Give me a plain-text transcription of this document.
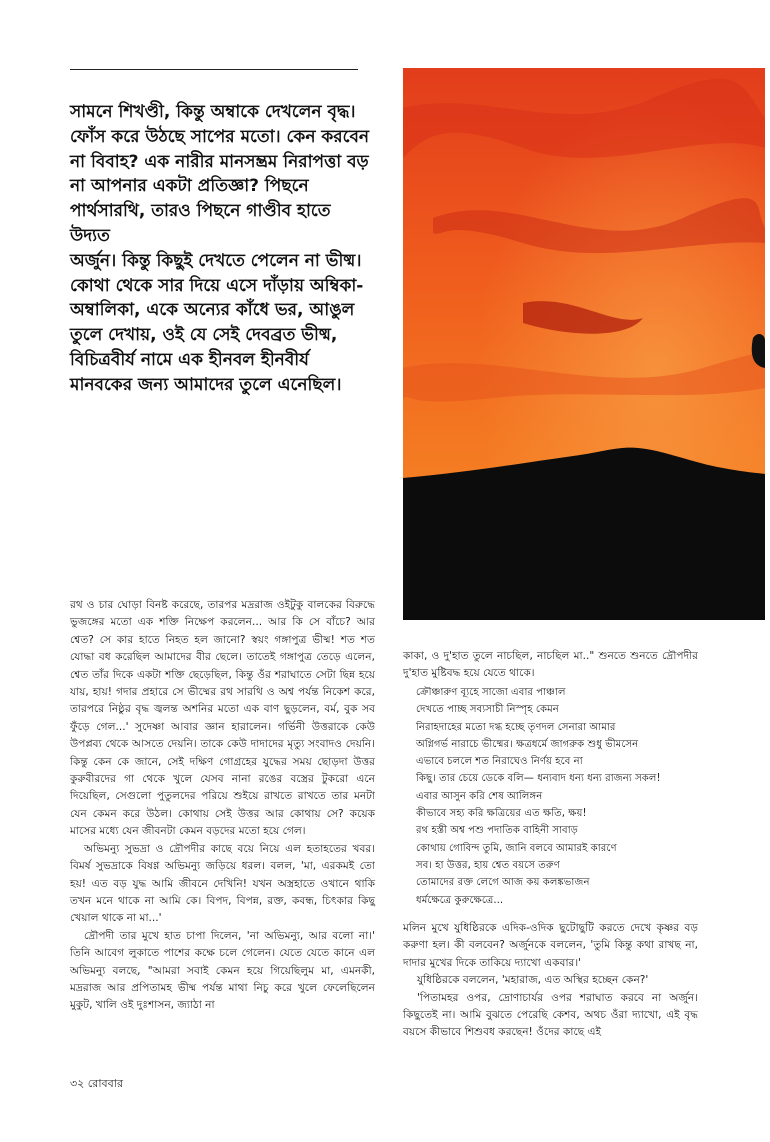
সামনে শিখণ্ডী, কিন্তু অম্বাকে দেখলেন বৃদ্ধ।

ফোঁস করে উঠছে সাপের মতো। কেন করবেন

না বিবাহ? এক নারীর মানসম্ভ্রম নিরাপত্তা বড়

না আপনার একটা প্রতিজ্ঞা? পিছনে

পার্থসারথি, তারও পিছনে গাণ্ডীব হাতে উদ্যত

অর্জুন। কিন্তু কিছুই দেখতে পেলেন না ভীষ্ম।

কোথা থেকে সার দিয়ে এসে দাঁড়ায় অম্বিকা-

অম্বালিকা, একে অন্যের কাঁধে ভর, আঙুল

তুলে দেখায়, ওই যে সেই দেবব্রত ভীষ্ম,

বিচিত্রবীর্য নামে এক হীনবল হীনবীর্য

মানবকের জন্য আমাদের তুলে এনেছিল।

রথ ও চার ঘোড়া বিনষ্ট করেছে, তারপর মদ্ররাজ ওইটুকু বালকের বিরুদ্ধে ভুজঙ্গের মতো এক শক্তি নিক্ষেপ করলেন... আর কি সে বাঁচে? আর শ্বেত? সে কার হাতে নিহত হল জানো? স্বয়ং গঙ্গাপুত্র ভীষ্ম! শত শত যোদ্ধা বধ করেছিল আমাদের বীর ছেলে। তাতেই গঙ্গাপুত্র তেড়ে এলেন, শ্বেত তাঁর দিকে একটা শক্তি ছেড়েছিল, কিন্তু ওঁর শরাঘাতে সেটা ছিন্ন হয়ে যায়, হায়! গদার প্রহারে সে ভীষ্মের রথ সারথি ও অশ্ব পর্যন্ত নিকেশ করে, তারপরে নিষ্ঠুর বৃদ্ধ জ্বলন্ত অশনির মতো এক বাণ ছুড়লেন, বর্ম, বুক সব ফুঁড়ে গেল...' সুদেষ্ণা আবার জ্ঞান হারালেন। গর্ভিনী উত্তরাকে কেউ উপপ্লব্য থেকে আসতে দেয়নি। তাকে কেউ দাদাদের মৃত্যু সংবাদও দেয়নি। কিন্তু কেন কে জানে, সেই দক্ষিণ গোগ্রহের যুদ্ধের সময় ছোড়দা উত্তর কুরুবীরদের গা থেকে খুলে যেসব নানা রঙের বস্ত্রের টুকরো এনে দিয়েছিল, সেগুলো পুতুলদের পরিয়ে শুইয়ে রাখতে রাখতে তার মনটা যেন কেমন করে উঠল। কোথায় সেই উত্তর আর কোথায় সে? কয়েক মাসের মধ্যে যেন জীবনটা কেমন বড়দের মতো হয়ে গেল।

অভিমন্যু সুভদ্রা ও দ্রৌপদীর কাছে বয়ে নিয়ে এল হতাহতের খবর। বিমর্ষ সুভদ্রাকে বিষণ্ণ অভিমন্যু জড়িয়ে ধরল। বলল, 'মা, এরকমই তো হয়! এত বড় যুদ্ধ আমি জীবনে দেখিনি! যখন অস্ত্রহাতে ওখানে থাকি তখন মনে থাকে না আমি কে। বিপদ, বিপন্ন, রক্ত, কবন্ধ, চিৎকার কিছু খেয়াল থাকে না মা...'

দ্রৌপদী তার মুখে হাত চাপা দিলেন, 'না অভিমন্যু, আর বলো না।' তিনি আবেগ লুকাতে পাশের কক্ষে চলে গেলেন। যেতে যেতে কানে এল অভিমন্যু বলছে, "আমরা সবাই কেমন হয়ে গিয়েছিলুম মা, এমনকী, মদ্ররাজ আর প্রপিতামহ ভীষ্ম পর্যন্ত মাথা নিচু করে খুলে ফেলেছিলেন মুকুট, খালি ওই দুঃশাসন, জ্যাঠা না

কাকা, ও দু'হাত তুলে নাচছিল, নাচছিল মা.." শুনতে শুনতে দ্রৌপদীর দু'হাত মুষ্টিবদ্ধ হয়ে যেতে থাকে।

ক্রৌঞ্চারুণ ব্যূহে সাজো এবার পাঞ্চাল
দেখতে পাচ্ছ সব্যসাচী নিস্পৃহ কেমন
নিরাহদাহের মতো দগ্ধ হচ্ছে তৃণদল সেনারা আমার
অগ্নিগর্ভ নারাচে ভীষ্মের। ক্ষত্রধর্মে জাগরুক শুধু ভীমসেন
এভাবে চললে শত নিরাঘেও নির্ণয় হবে না
কিছু। তার চেয়ে ডেকে বলি— ধন্যবাদ ধন্য ধন্য রাজন্য সকল!
এবার আসুন করি শেষ আলিঙ্গন
কীভাবে সহ্য করি ক্ষত্রিয়ের এত ক্ষতি, ক্ষয়!
রথ হস্তী অশ্ব পশু পদাতিক বাহিনী সাবাড়
কোথায় গোবিন্দ তুমি, জানি বলবে আমারই কারণে
সব। হা উত্তর, হায় শ্বেত বয়সে তরুণ
তোমাদের রক্ত লেগে আজ কয় কলঙ্কভাজন
ধর্মক্ষেত্রে কুরুক্ষেত্রে...

মলিন মুখে যুধিষ্ঠিরকে এদিক-ওদিক ছুটোছুটি করতে দেখে কৃষ্ণর বড় করুণা হল। কী বলবেন? অর্জুনকে বললেন, 'তুমি কিন্তু কথা রাখছ না, দাদার মুখের দিকে তাকিয়ে দ্যাখো একবার।'

যুধিষ্ঠিরকে বললেন, 'মহারাজ, এত অস্থির হচ্ছেন কেন?'

'পিতামহর ওপর, দ্রোণাচার্যর ওপর শরাঘাত করবে না অর্জুন। কিছুতেই না। আমি বুঝতে পেরেছি কেশব, অথচ ওঁরা দ্যাখো, এই বৃদ্ধ বয়সে কীভাবে শিশুবধ করছেন! ওঁদের কাছে এই

৩২ রোববার
